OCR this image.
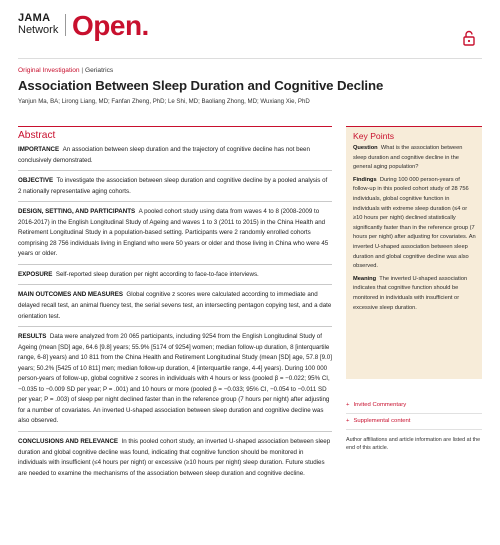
JAMA
Network Open.
Original Investigation | Geriatrics
Association Between Sleep Duration and Cognitive Decline
Yanjun Ma, BA; Lirong Liang, MD; Fanfan Zheng, PhD; Le Shi, MD; Baoliang Zhong, MD; Wuxiang Xie, PhD
Abstract

IMPORTANCE An association between sleep duration and the trajectory of cognitive decline has not been conclusively demonstrated.

OBJECTIVE To investigate the association between sleep duration and cognitive decline by a pooled analysis of 2 nationally representative aging cohorts.

DESIGN, SETTING, AND PARTICIPANTS A pooled cohort study using data from waves 4 to 8 (2008-2009 to 2016-2017) in the English Longitudinal Study of Ageing and waves 1 to 3 (2011 to 2015) in the China Health and Retirement Longitudinal Study in a population-based setting. Participants were 2 randomly enrolled cohorts comprising 28 756 individuals living in England who were 50 years or older and those living in China who were 45 years or older.

EXPOSURE Self-reported sleep duration per night according to face-to-face interviews.

MAIN OUTCOMES AND MEASURES Global cognitive z scores were calculated according to immediate and delayed recall test, an animal fluency test, the serial sevens test, an intersecting pentagon copying test, and a date orientation test.

RESULTS Data were analyzed from 20 065 participants, including 9254 from the English Longitudinal Study of Ageing (mean [SD] age, 64.6 [9.8] years; 55.9% [5174 of 9254] women; median follow-up duration, 8 [interquartile range, 6-8] years) and 10 811 from the China Health and Retirement Longitudinal Study (mean [SD] age, 57.8 [9.0] years; 50.2% [5425 of 10 811] men; median follow-up duration, 4 [interquartile range, 4-4] years). During 100 000 person-years of follow-up, global cognitive z scores in individuals with 4 hours or less (pooled β = −0.022; 95% CI, −0.035 to −0.009 SD per year; P = .001) and 10 hours or more (pooled β = −0.033; 95% CI, −0.054 to −0.011 SD per year; P = .003) of sleep per night declined faster than in the reference group (7 hours per night) after adjusting for a number of covariates. An inverted U-shaped association between sleep duration and cognitive decline was also observed.

CONCLUSIONS AND RELEVANCE In this pooled cohort study, an inverted U-shaped association between sleep duration and global cognitive decline was found, indicating that cognitive function should be monitored in individuals with insufficient (≤4 hours per night) or excessive (≥10 hours per night) sleep duration. Future studies are needed to examine the mechanisms of the association between sleep duration and cognitive decline.

Key Points

Question What is the association between sleep duration and cognitive decline in the general aging population?

Findings During 100 000 person-years of follow-up in this pooled cohort study of 28 756 individuals, global cognitive function in individuals with extreme sleep duration (≤4 or ≥10 hours per night) declined statistically significantly faster than in the reference group (7 hours per night) after adjusting for covariates. An inverted U-shaped association between sleep duration and global cognitive decline was also observed.

Meaning The inverted U-shaped association indicates that cognitive function should be monitored in individuals with insufficient or excessive sleep duration.

+ Invited Commentary
+ Supplemental content
Author affiliations and article information are listed at the end of this article.
